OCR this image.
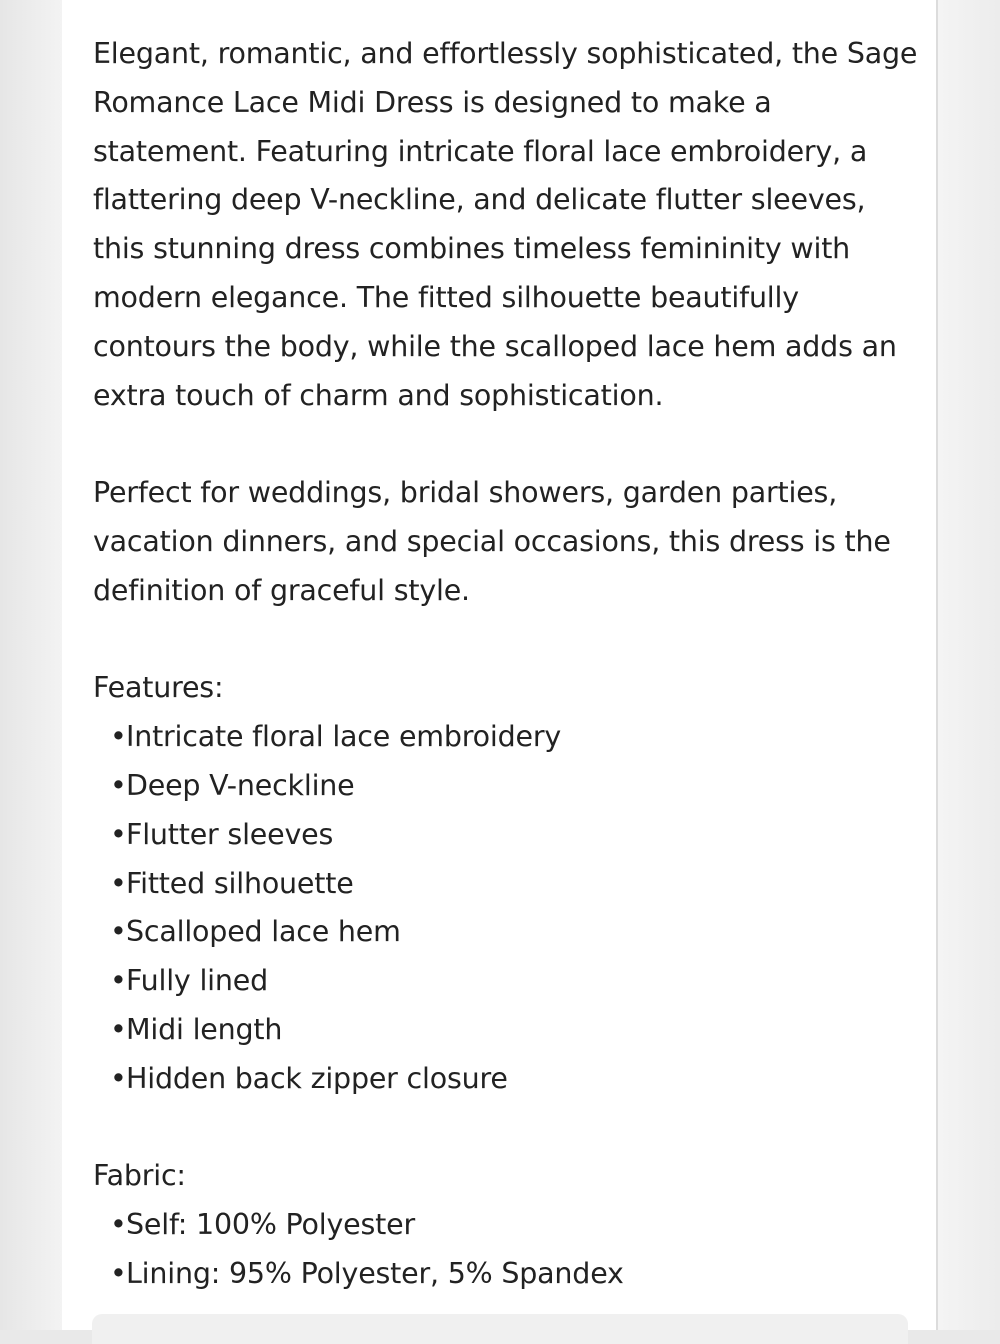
Elegant, romantic, and effortlessly sophisticated, the Sage Romance Lace Midi Dress is designed to make a statement. Featuring intricate floral lace embroidery, a flattering deep V-neckline, and delicate flutter sleeves, this stunning dress combines timeless femininity with modern elegance. The fitted silhouette beautifully contours the body, while the scalloped lace hem adds an extra touch of charm and sophistication.

Perfect for weddings, bridal showers, garden parties, vacation dinners, and special occasions, this dress is the definition of graceful style.

Features:

•Intricate floral lace embroidery
•Deep V-neckline
•Flutter sleeves
•Fitted silhouette
•Scalloped lace hem
•Fully lined
•Midi length
•Hidden back zipper closure

Fabric:

•Self: 100% Polyester
•Lining: 95% Polyester, 5% Spandex
